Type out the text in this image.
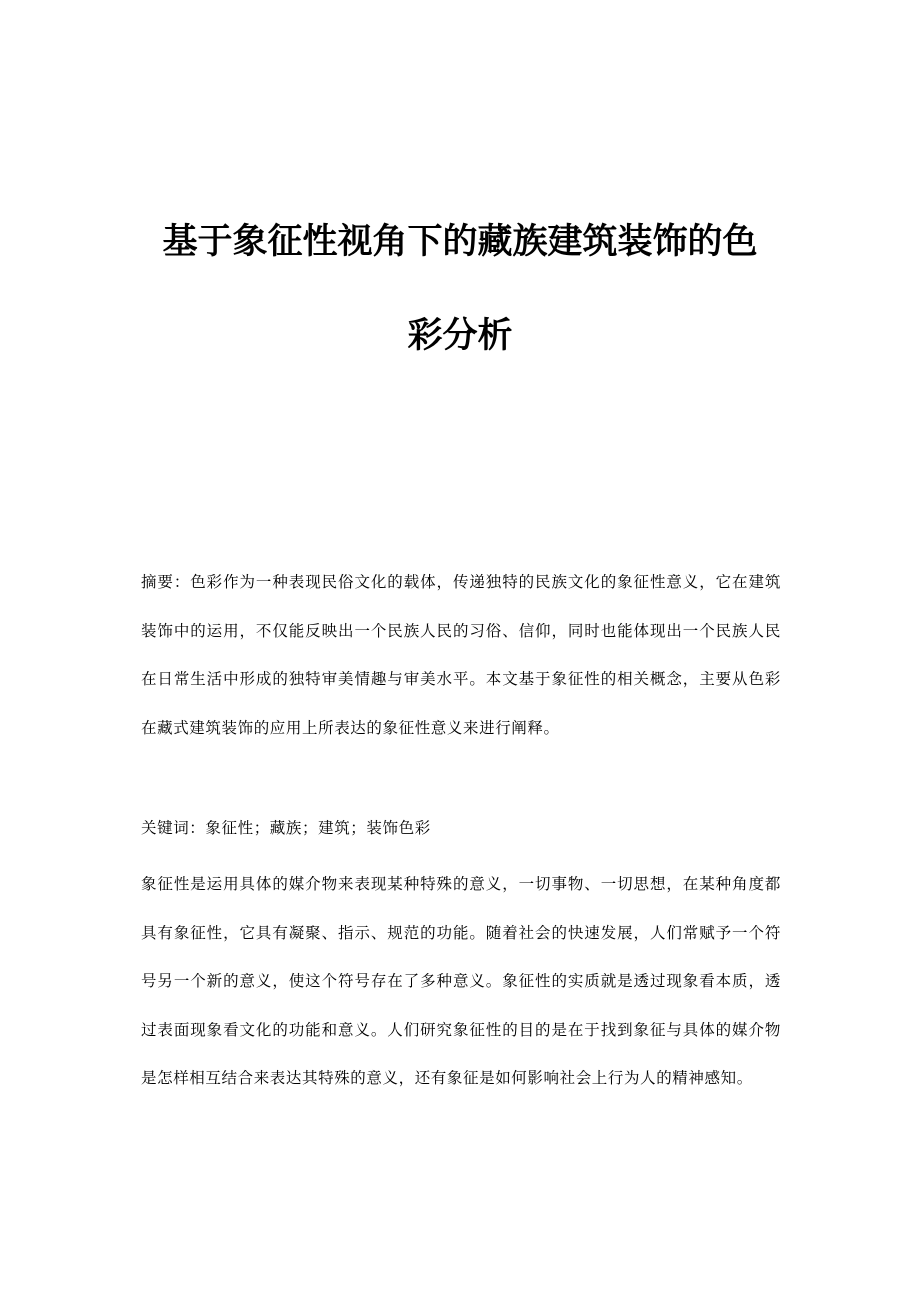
基于象征性视角下的藏族建筑装饰的色
彩分析

摘要：色彩作为一种表现民俗文化的载体，传递独特的民族文化的象征性意义，它在建筑装饰中的运用，不仅能反映出一个民族人民的习俗、信仰，同时也能体现出一个民族人民在日常生活中形成的独特审美情趣与审美水平。本文基于象征性的相关概念，主要从色彩在藏式建筑装饰的应用上所表达的象征性意义来进行阐释。

关键词：象征性；藏族；建筑；装饰色彩

象征性是运用具体的媒介物来表现某种特殊的意义，一切事物、一切思想，在某种角度都具有象征性，它具有凝聚、指示、规范的功能。随着社会的快速发展，人们常赋予一个符号另一个新的意义，使这个符号存在了多种意义。象征性的实质就是透过现象看本质，透过表面现象看文化的功能和意义。人们研究象征性的目的是在于找到象征与具体的媒介物是怎样相互结合来表达其特殊的意义，还有象征是如何影响社会上行为人的精神感知。
